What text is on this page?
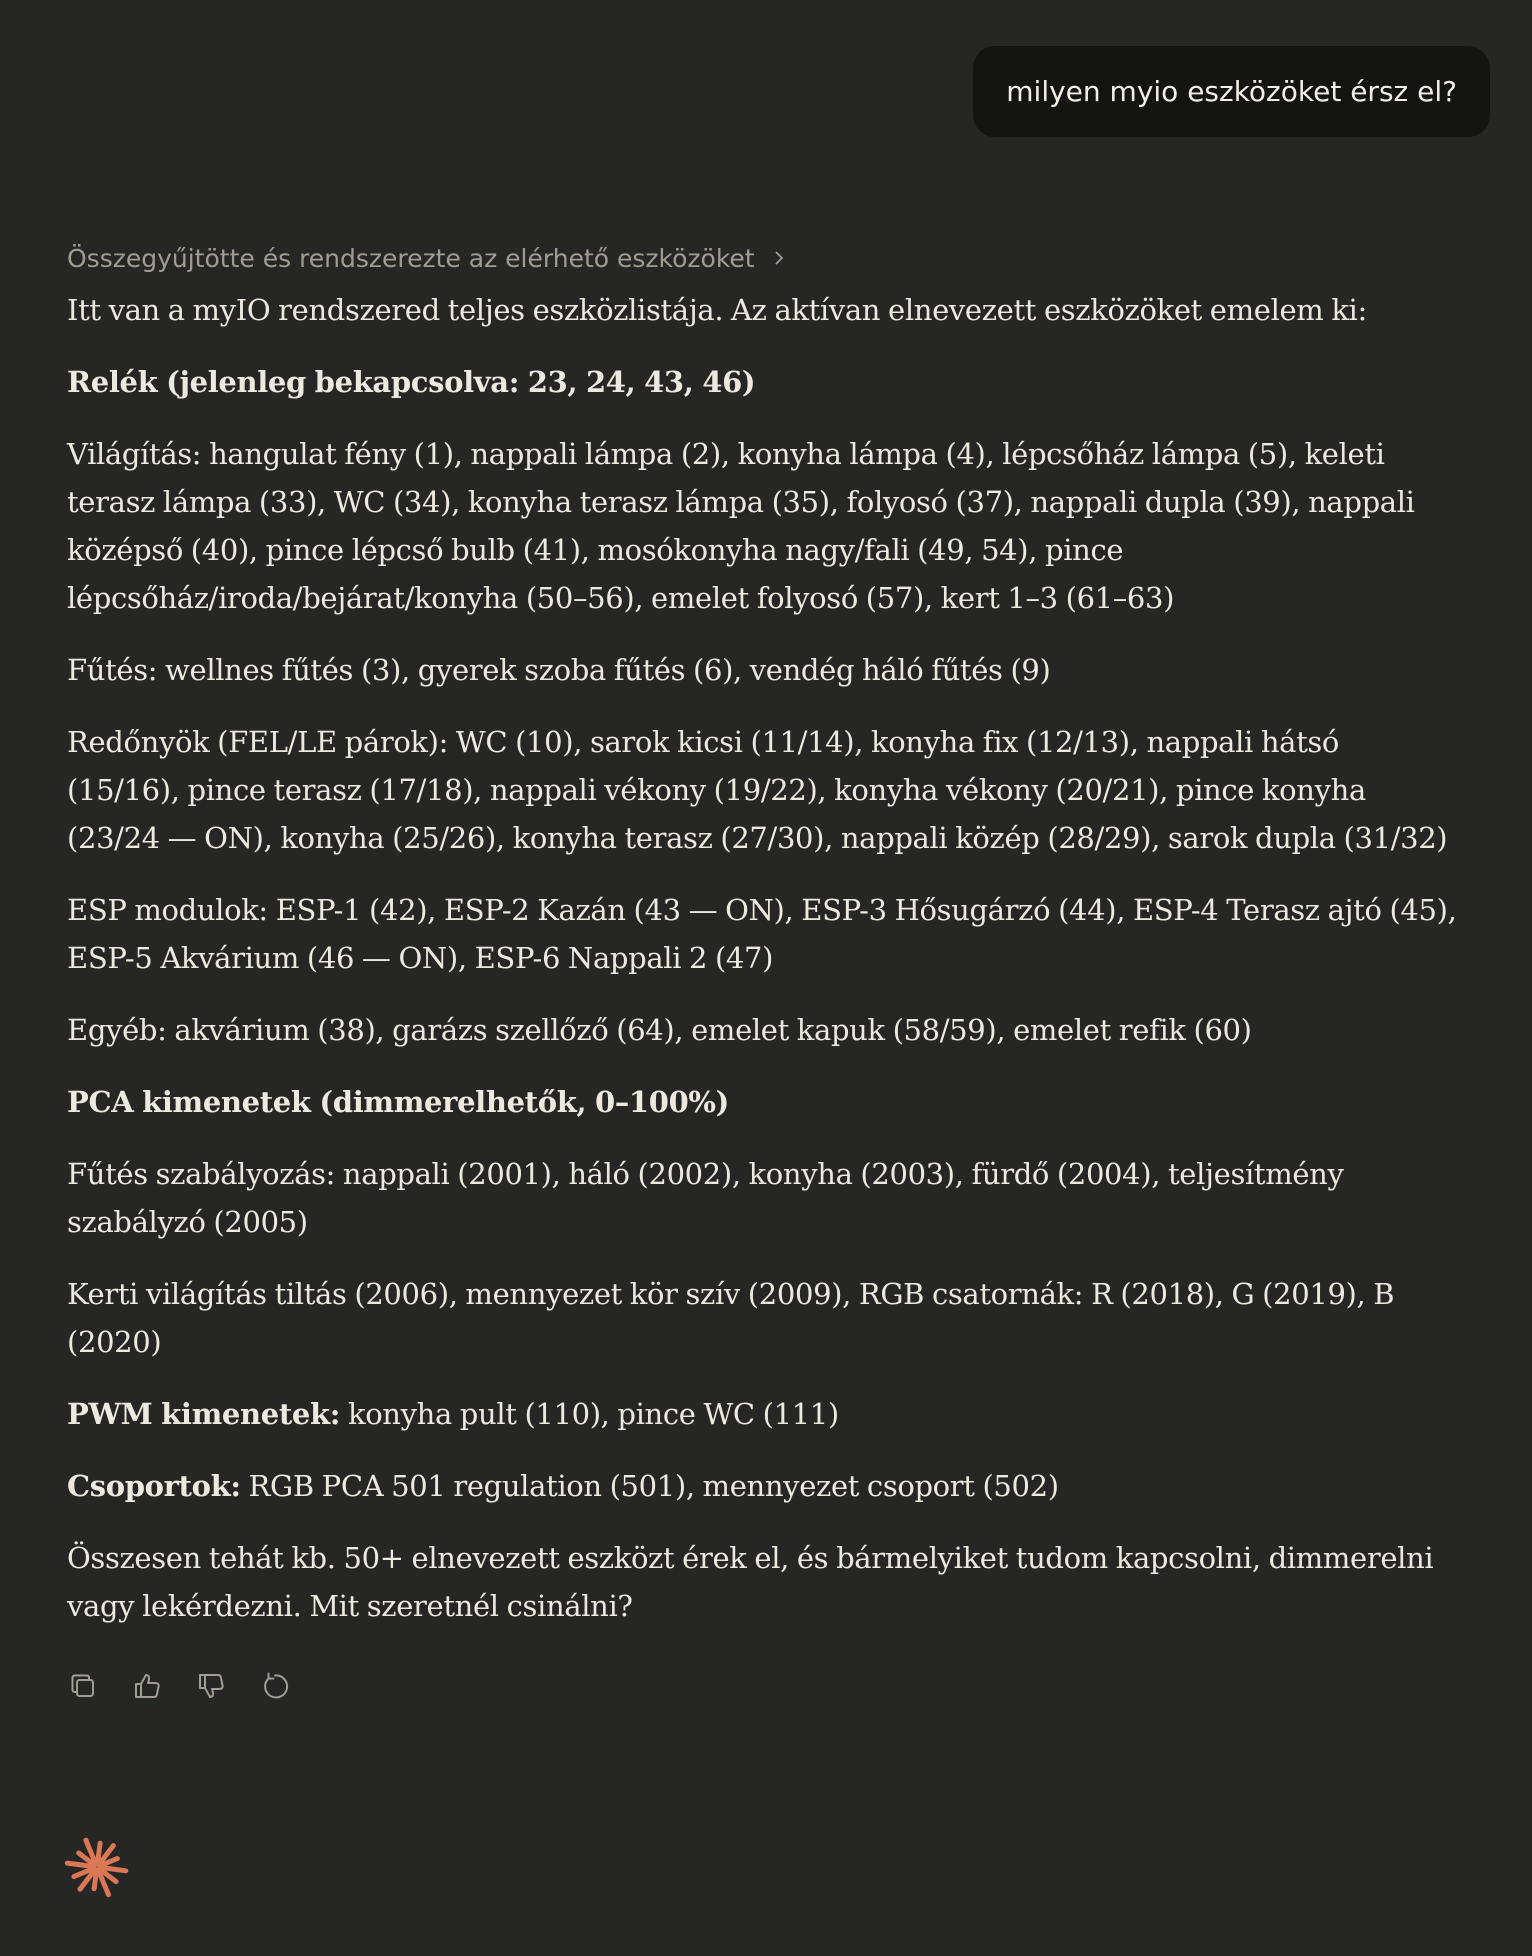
milyen myio eszközöket érsz el?
Összegyűjtötte és rendszerezte az elérhető eszközöket

Itt van a myIO rendszered teljes eszközlistája. Az aktívan elnevezett eszközöket emelem ki:

Relék (jelenleg bekapcsolva: 23, 24, 43, 46)

Világítás: hangulat fény (1), nappali lámpa (2), konyha lámpa (4), lépcsőház lámpa (5), keleti terasz lámpa (33), WC (34), konyha terasz lámpa (35), folyosó (37), nappali dupla (39), nappali középső (40), pince lépcső bulb (41), mosókonyha nagy/fali (49, 54), pince lépcsőház/iroda/bejárat/konyha (50–56), emelet folyosó (57), kert 1–3 (61–63)

Fűtés: wellnes fűtés (3), gyerek szoba fűtés (6), vendég háló fűtés (9)

Redőnyök (FEL/LE párok): WC (10), sarok kicsi (11/14), konyha fix (12/13), nappali hátsó (15/16), pince terasz (17/18), nappali vékony (19/22), konyha vékony (20/21), pince konyha (23/24 — ON), konyha (25/26), konyha terasz (27/30), nappali közép (28/29), sarok dupla (31/32)

ESP modulok: ESP-1 (42), ESP-2 Kazán (43 — ON), ESP-3 Hősugárzó (44), ESP-4 Terasz ajtó (45), ESP-5 Akvárium (46 — ON), ESP-6 Nappali 2 (47)

Egyéb: akvárium (38), garázs szellőző (64), emelet kapuk (58/59), emelet refik (60)

PCA kimenetek (dimmerelhetők, 0–100%)

Fűtés szabályozás: nappali (2001), háló (2002), konyha (2003), fürdő (2004), teljesítmény szabályzó (2005)

Kerti világítás tiltás (2006), mennyezet kör szív (2009), RGB csatornák: R (2018), G (2019), B (2020)

PWM kimenetek: konyha pult (110), pince WC (111)

Csoportok: RGB PCA 501 regulation (501), mennyezet csoport (502)

Összesen tehát kb. 50+ elnevezett eszközt érek el, és bármelyiket tudom kapcsolni, dimmerelni vagy lekérdezni. Mit szeretnél csinálni?
